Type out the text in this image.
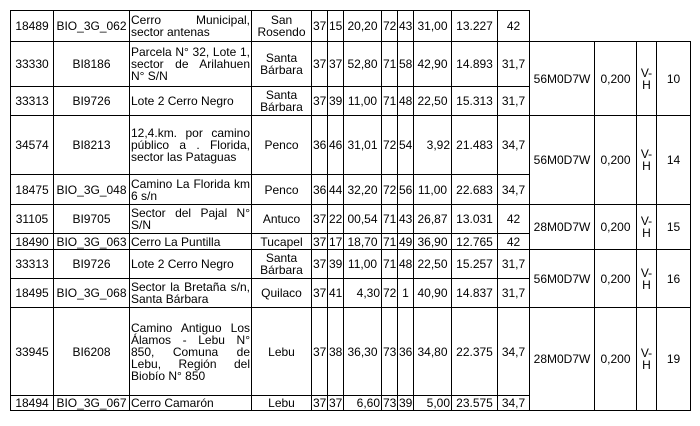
18489	BIO_3G_062	Cerro Municipal, sector antenas	San Rosendo	37	15	20,20	72	43	31,00	13.227	42				
33330	BI8186	Parcela N° 32, Lote 1, sector de Arilahuen N° S/N	Santa Bárbara	37	37	52,80	71	58	42,90	14.893	31,7	56M0D7W	0,200	V-H	10
33313	BI9726	Lote 2 Cerro Negro	Santa Bárbara	37	39	11,00	71	48	22,50	15.313	31,7				
34574	BI8213	12,4.km. por camino público a . Florida, sector las Pataguas	Penco	36	46	31,01	72	54	3,92	21.483	34,7	56M0D7W	0,200	V-H	14
18475	BIO_3G_048	Camino La Florida km 6 s/n	Penco	36	44	32,20	72	56	11,00	22.683	34,7				
31105	BI9705	Sector del Pajal N° S/N	Antuco	37	22	00,54	71	43	26,87	13.031	42	28M0D7W	0,200	V-H	15
18490	BIO_3G_063	Cerro La Puntilla	Tucapel	37	17	18,70	71	49	36,90	12.765	42				
33313	BI9726	Lote 2 Cerro Negro	Santa Bárbara	37	39	11,00	71	48	22,50	15.257	31,7	56M0D7W	0,200	V-H	16
18495	BIO_3G_068	Sector la Bretaña s/n, Santa Bárbara	Quilaco	37	41	4,30	72	1	40,90	14.837	31,7				
33945	BI6208	Camino Antiguo Los Álamos - Lebu N° 850, Comuna de Lebu, Región del Biobío N° 850	Lebu	37	38	36,30	73	36	34,80	22.375	34,7	28M0D7W	0,200	V-H	19
18494	BIO_3G_067	Cerro Camarón	Lebu	37	37	6,60	73	39	5,00	23.575	34,7				
